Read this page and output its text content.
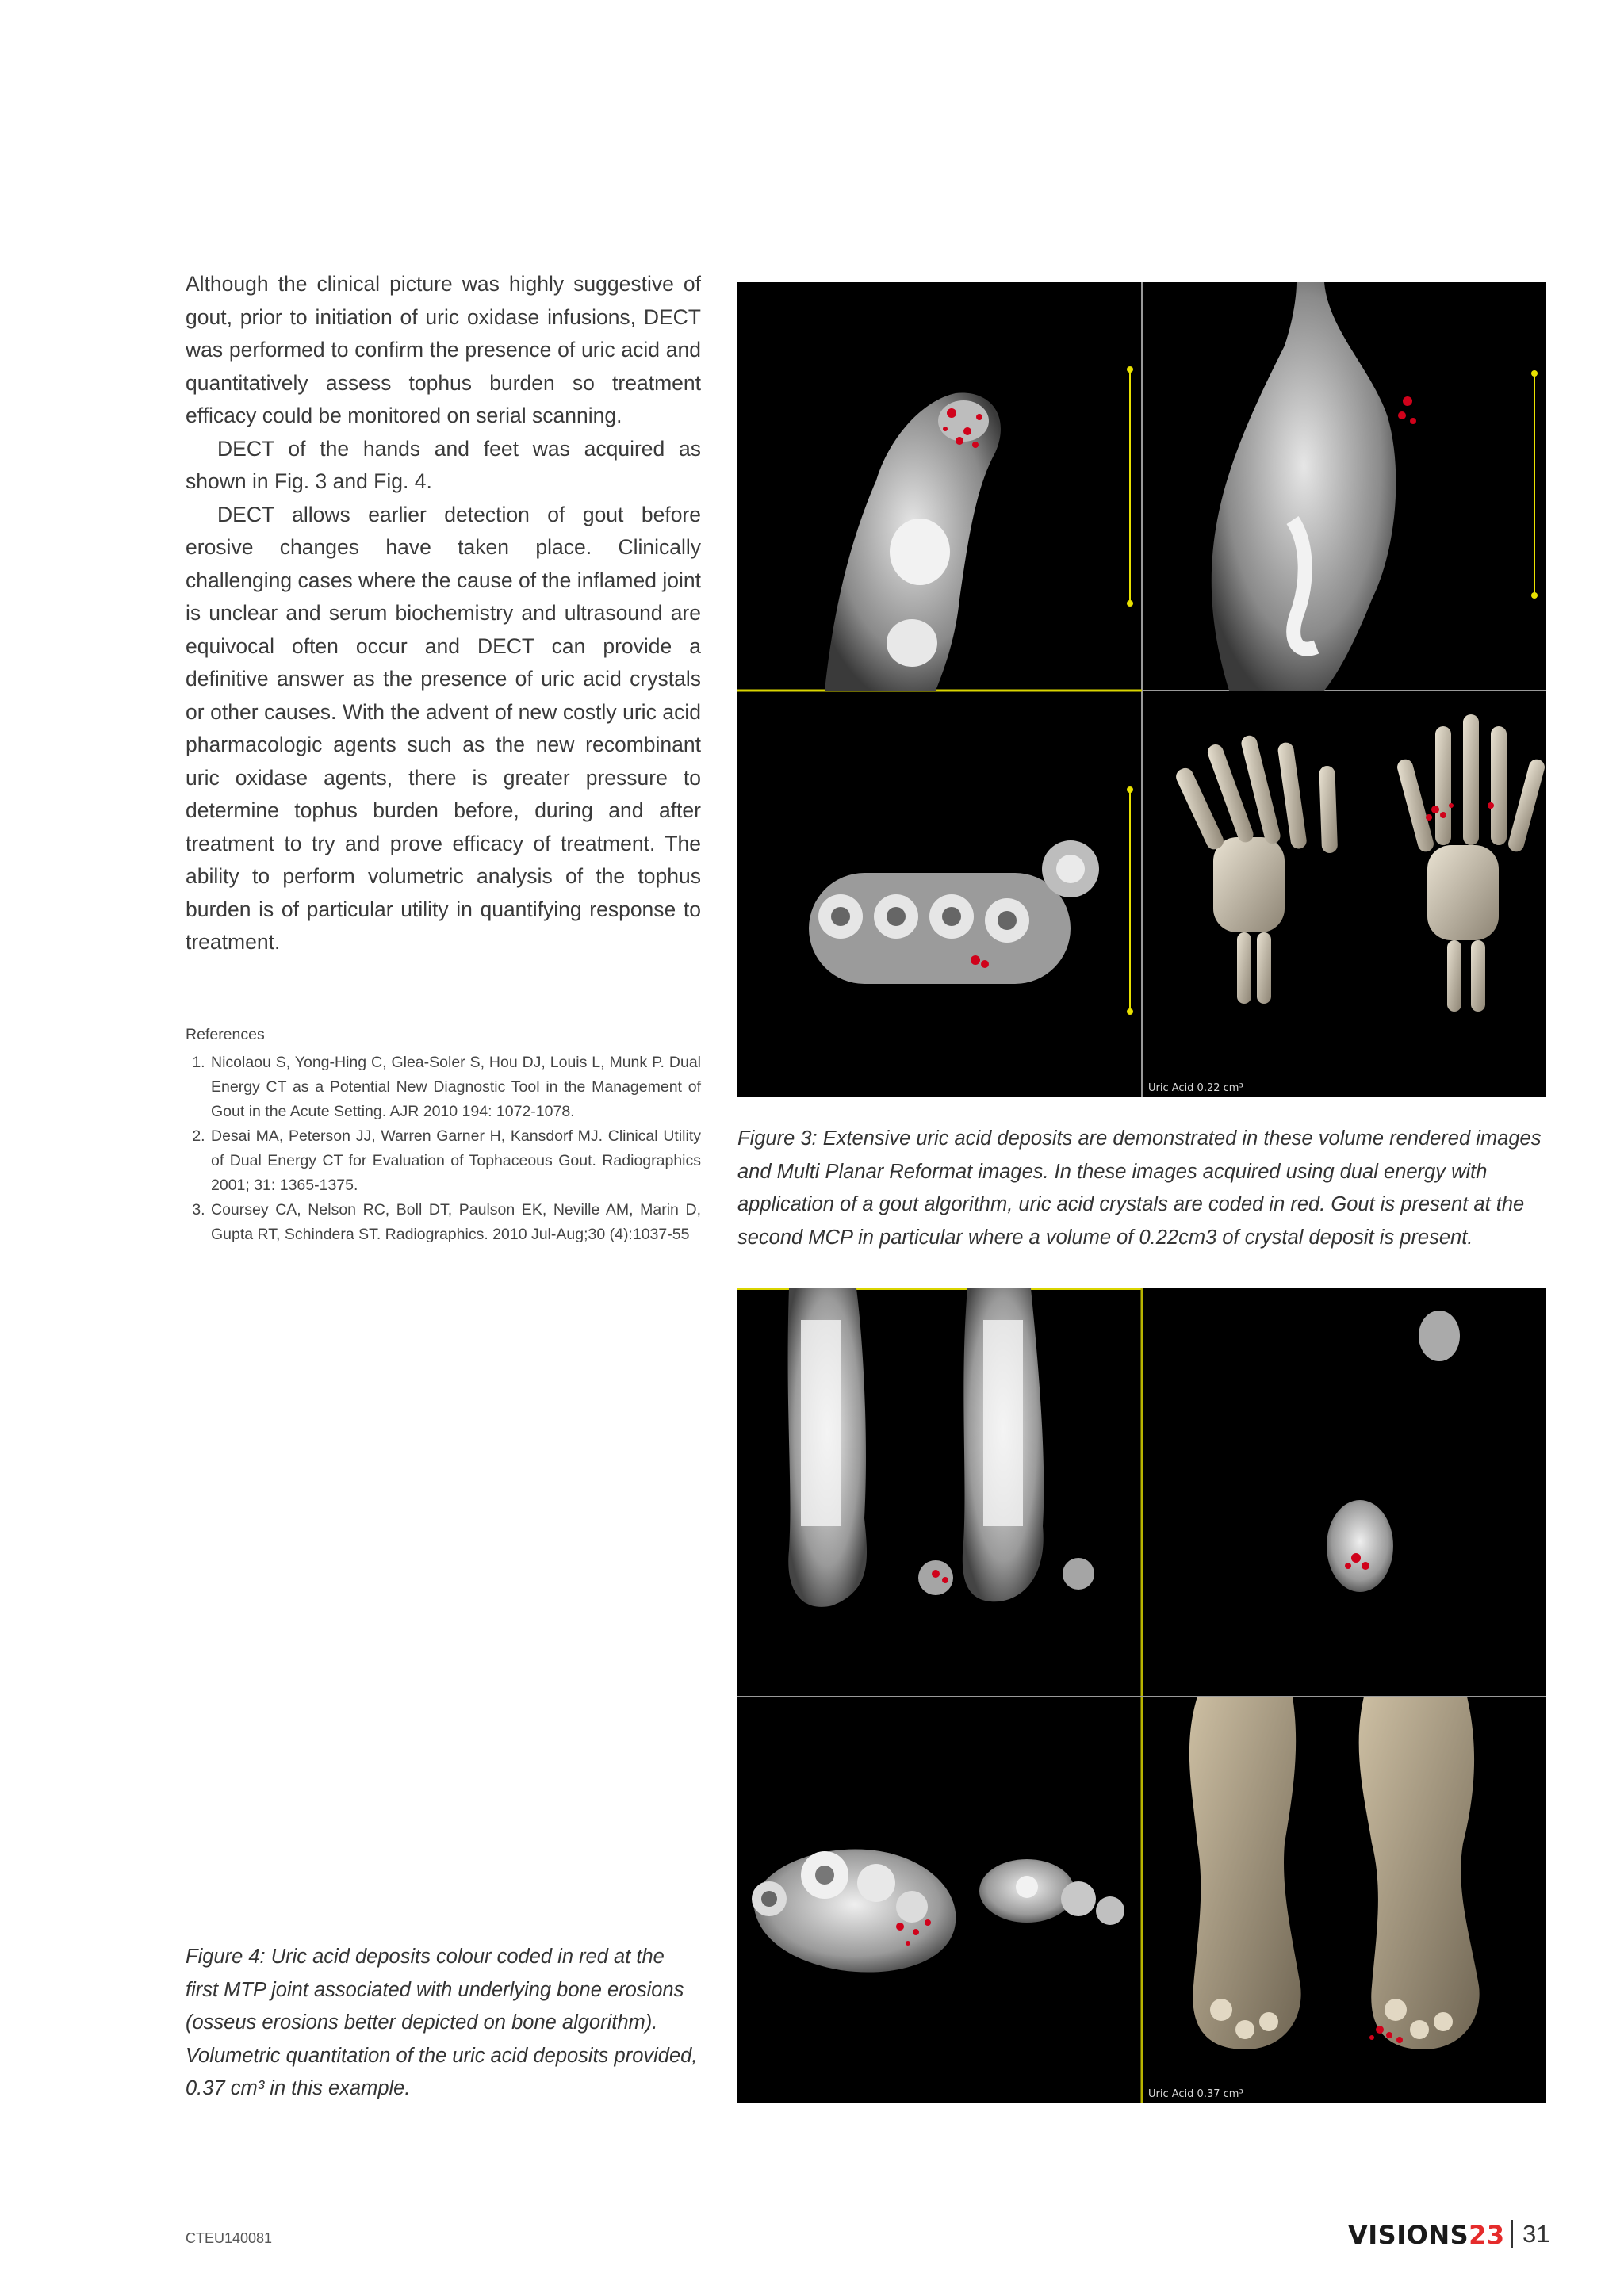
Although the clinical picture was highly suggestive of gout, prior to initiation of uric oxidase infusions, DECT was performed to confirm the presence of uric acid and quantitatively assess tophus burden so treatment efficacy could be monitored on serial scanning.

DECT of the hands and feet was acquired as shown in Fig. 3 and Fig. 4.

DECT allows earlier detection of gout before erosive changes have taken place. Clinically challenging cases where the cause of the inflamed joint is unclear and serum biochemistry and ultrasound are equivocal often occur and DECT can provide a definitive answer as the presence of uric acid crystals or other causes. With the advent of new costly uric acid pharmacologic agents such as the new recombinant uric oxidase agents, there is greater pressure to determine tophus burden before, during and after treatment to try and prove efficacy of treatment. The ability to perform volumetric analysis of the tophus burden is of particular utility in quantifying response to treatment.

References

1. Nicolaou S, Yong-Hing C, Glea-Soler S, Hou DJ, Louis L, Munk P. Dual Energy CT as a Potential New Diagnostic Tool in the Management of Gout in the Acute Setting. AJR 2010 194: 1072-1078.
2. Desai MA, Peterson JJ, Warren Garner H, Kansdorf MJ. Clinical Utility of Dual Energy CT for Evaluation of Tophaceous Gout. Radiographics 2001; 31: 1365-1375.
3. Coursey CA, Nelson RC, Boll DT, Paulson EK, Neville AM, Marin D, Gupta RT, Schindera ST. Radiographics. 2010 Jul-Aug;30 (4):1037-55
Uric Acid 0.22 cm³
Figure 3: Extensive uric acid deposits are demonstrated in these volume rendered images and Multi Planar Reformat images. In these images acquired using dual energy with application of a gout algorithm, uric acid crystals are coded in red. Gout is present at the second MCP in particular where a volume of 0.22cm3 of crystal deposit is present.
Uric Acid 0.37 cm³
Figure 4: Uric acid deposits colour coded in red at the first MTP joint associated with underlying bone erosions (osseus erosions better depicted on bone algorithm). Volumetric quantitation of the uric acid deposits provided, 0.37 cm³ in this example.
CTEU140081	VISIONS23 31
